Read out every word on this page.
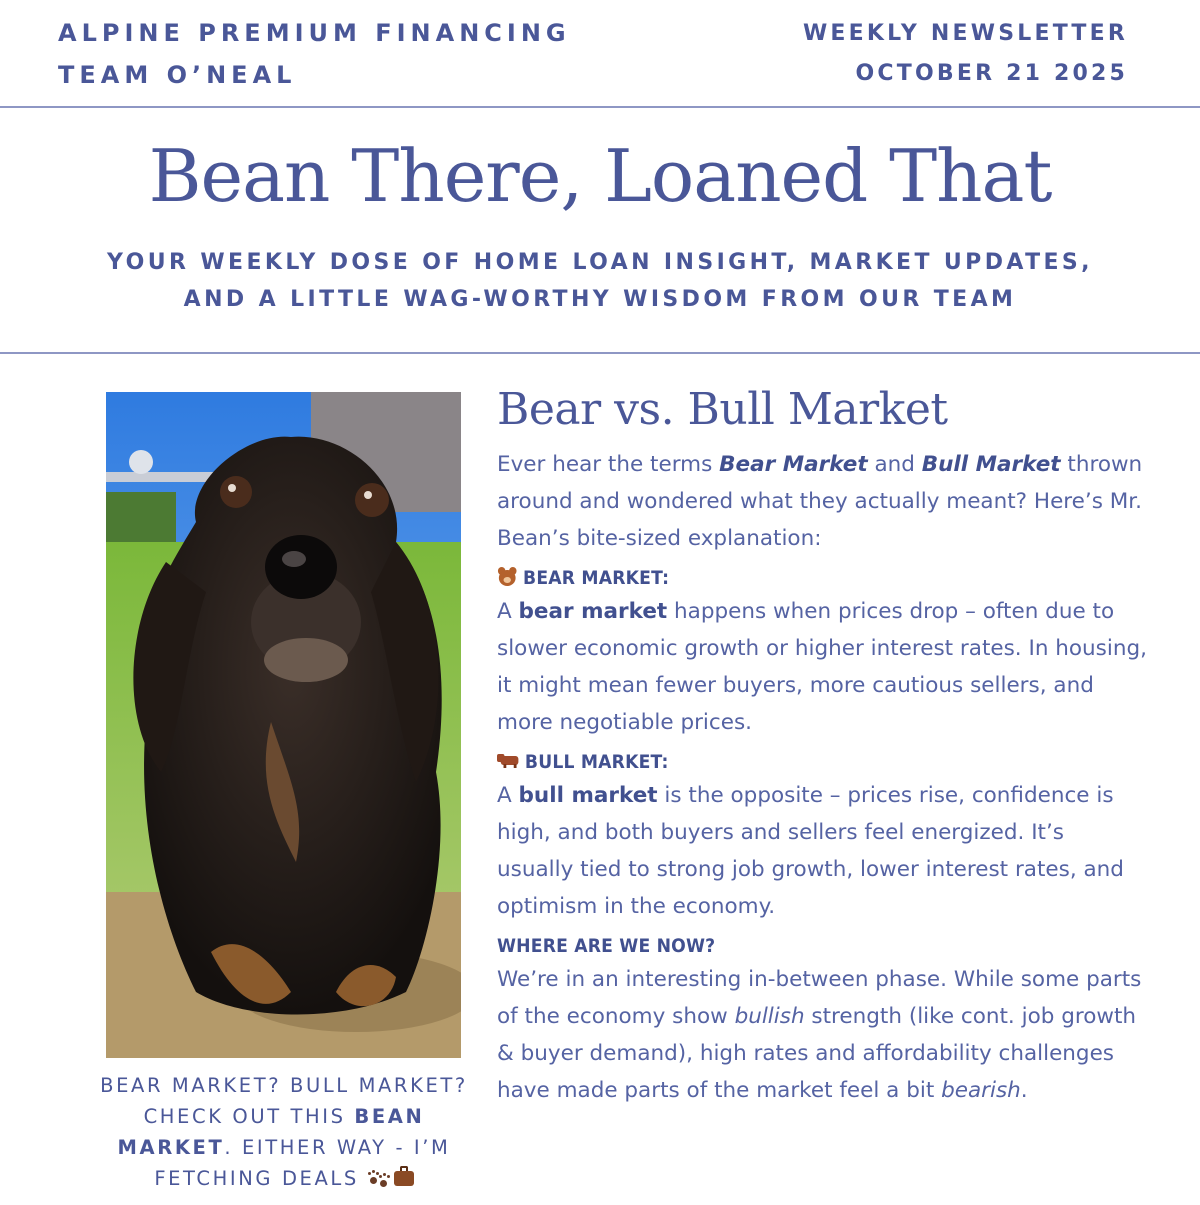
ALPINE PREMIUM FINANCING
TEAM O’NEAL
WEEKLY NEWSLETTER
OCTOBER 21 2025
Bean There, Loaned That
YOUR WEEKLY DOSE OF HOME LOAN INSIGHT, MARKET UPDATES,
AND A LITTLE WAG-WORTHY WISDOM FROM OUR TEAM
BEAR MARKET? BULL MARKET? CHECK OUT THIS BEAN MARKET. EITHER WAY - I’M FETCHING DEALS
Bear vs. Bull Market

Ever hear the terms Bear Market and Bull Market thrown around and wondered what they actually meant? Here’s Mr. Bean’s bite-sized explanation:

BEAR MARKET:

A bear market happens when prices drop – often due to slower economic growth or higher interest rates. In housing, it might mean fewer buyers, more cautious sellers, and more negotiable prices.

BULL MARKET:

A bull market is the opposite – prices rise, confidence is high, and both buyers and sellers feel energized. It’s usually tied to strong job growth, lower interest rates, and optimism in the economy.

WHERE ARE WE NOW?

We’re in an interesting in-between phase. While some parts of the economy show bullish strength (like cont. job growth & buyer demand), high rates and affordability challenges have made parts of the market feel a bit bearish.
